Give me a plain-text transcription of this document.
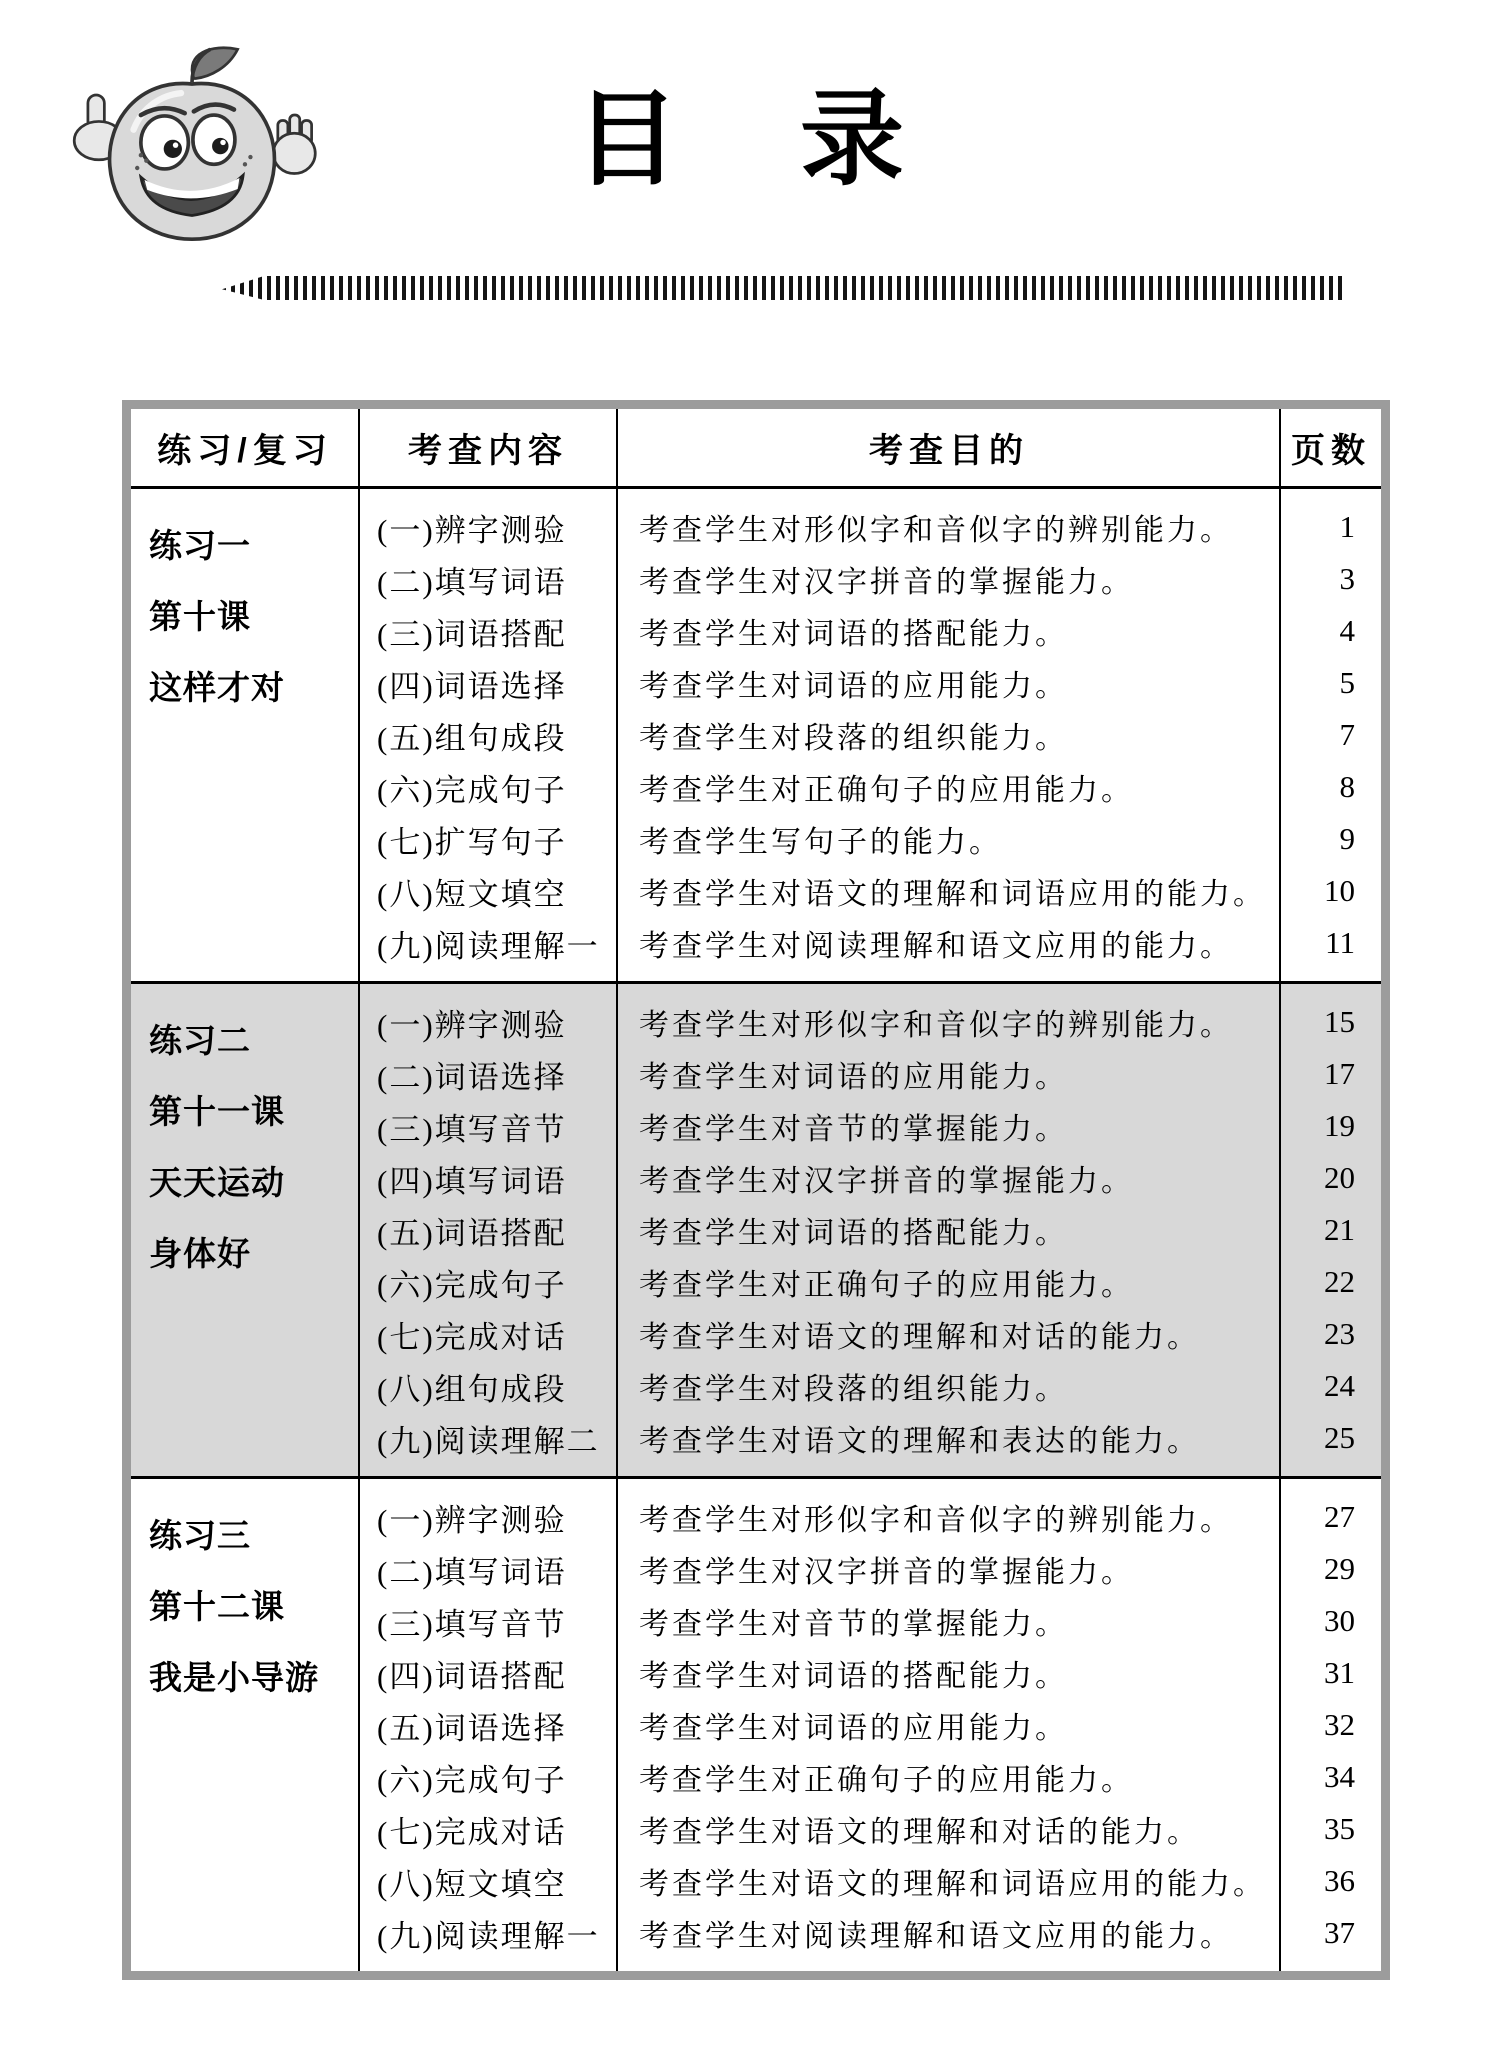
目 录
练习/复习	考查内容	考查目的	页数
练习一
第十课
这样才对
(一)辨字测验	考查学生对形似字和音似字的辨别能力。	1
(二)填写词语	考查学生对汉字拼音的掌握能力。	3
(三)词语搭配	考查学生对词语的搭配能力。	4
(四)词语选择	考查学生对词语的应用能力。	5
(五)组句成段	考查学生对段落的组织能力。	7
(六)完成句子	考查学生对正确句子的应用能力。	8
(七)扩写句子	考查学生写句子的能力。	9
(八)短文填空	考查学生对语文的理解和词语应用的能力。	10
(九)阅读理解一	考查学生对阅读理解和语文应用的能力。	11
练习二
第十一课
天天运动
身体好
(一)辨字测验	考查学生对形似字和音似字的辨别能力。	15
(二)词语选择	考查学生对词语的应用能力。	17
(三)填写音节	考查学生对音节的掌握能力。	19
(四)填写词语	考查学生对汉字拼音的掌握能力。	20
(五)词语搭配	考查学生对词语的搭配能力。	21
(六)完成句子	考查学生对正确句子的应用能力。	22
(七)完成对话	考查学生对语文的理解和对话的能力。	23
(八)组句成段	考查学生对段落的组织能力。	24
(九)阅读理解二	考查学生对语文的理解和表达的能力。	25
练习三
第十二课
我是小导游
(一)辨字测验	考查学生对形似字和音似字的辨别能力。	27
(二)填写词语	考查学生对汉字拼音的掌握能力。	29
(三)填写音节	考查学生对音节的掌握能力。	30
(四)词语搭配	考查学生对词语的搭配能力。	31
(五)词语选择	考查学生对词语的应用能力。	32
(六)完成句子	考查学生对正确句子的应用能力。	34
(七)完成对话	考查学生对语文的理解和对话的能力。	35
(八)短文填空	考查学生对语文的理解和词语应用的能力。	36
(九)阅读理解一	考查学生对阅读理解和语文应用的能力。	37
